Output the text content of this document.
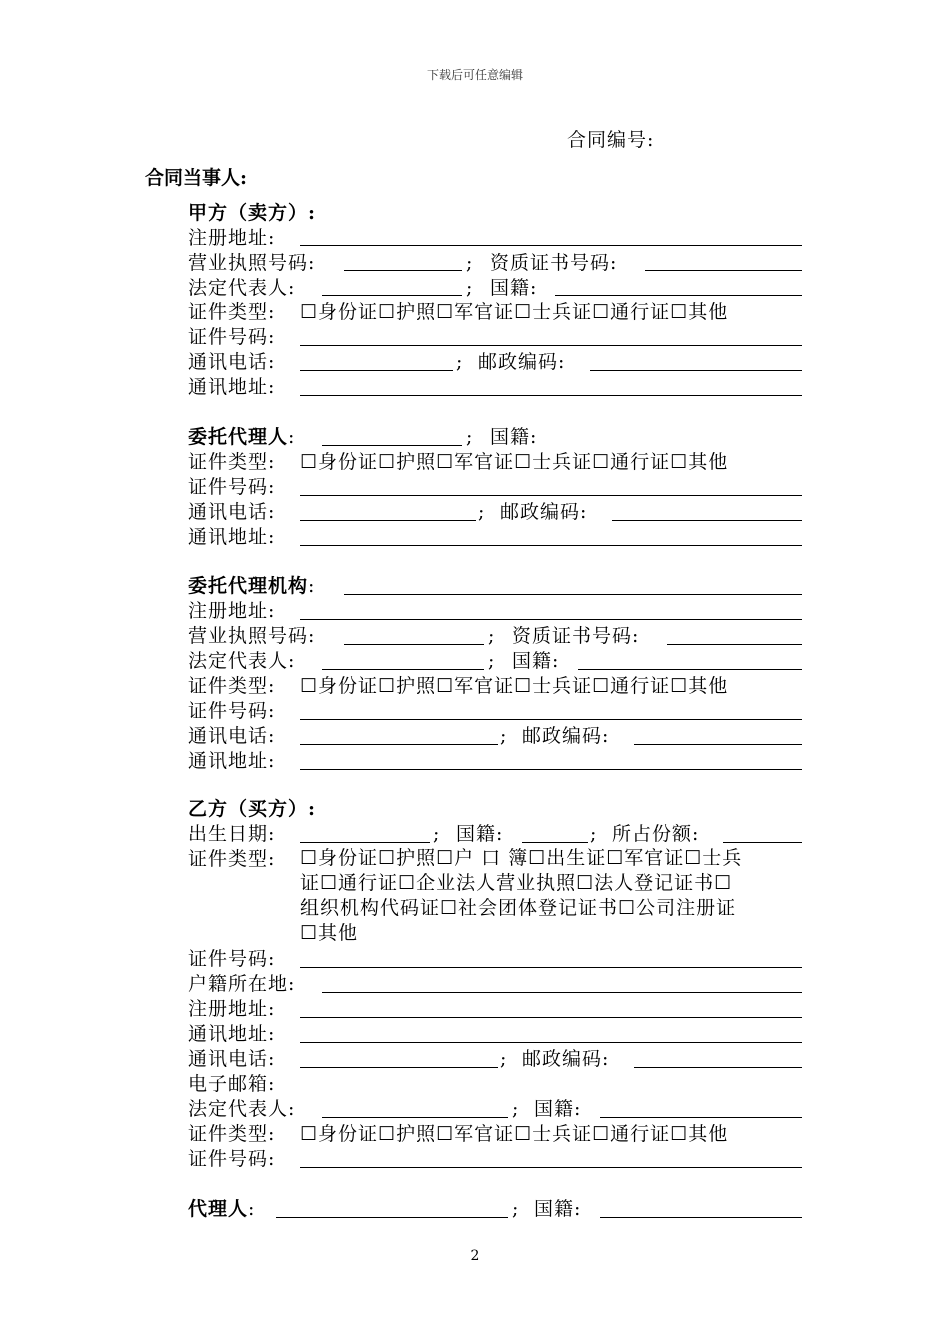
下载后可任意编辑
合同编号:
合同当事人:
甲方（卖方）:
注册地址:
营业执照号码:	; 资质证书号码:
法定代表人:	; 国籍:
证件类型: ☐身份证☐护照☐军官证☐士兵证☐通行证☐其他
证件号码:
通讯电话:	; 邮政编码:
通讯地址:
委托代理人:	; 国籍:
证件类型: ☐身份证☐护照☐军官证☐士兵证☐通行证☐其他
证件号码:
通讯电话:	; 邮政编码:
通讯地址:
委托代理机构:
注册地址:
营业执照号码:	; 资质证书号码:
法定代表人:	; 国籍:
证件类型: ☐身份证☐护照☐军官证☐士兵证☐通行证☐其他
证件号码:
通讯电话:	; 邮政编码:
通讯地址:
乙方（买方）:
出生日期:	; 国籍:	; 所占份额:
证件类型: ☐身份证☐护照☐户 口 簿☐出生证☐军官证☐士兵
证☐通行证☐企业法人营业执照☐法人登记证书☐
组织机构代码证☐社会团体登记证书☐公司注册证
☐其他
证件号码:
户籍所在地:
注册地址:
通讯地址:
通讯电话:	; 邮政编码:
电子邮箱:
法定代表人:	; 国籍:
证件类型: ☐身份证☐护照☐军官证☐士兵证☐通行证☐其他
证件号码:
代理人:	; 国籍:
2
